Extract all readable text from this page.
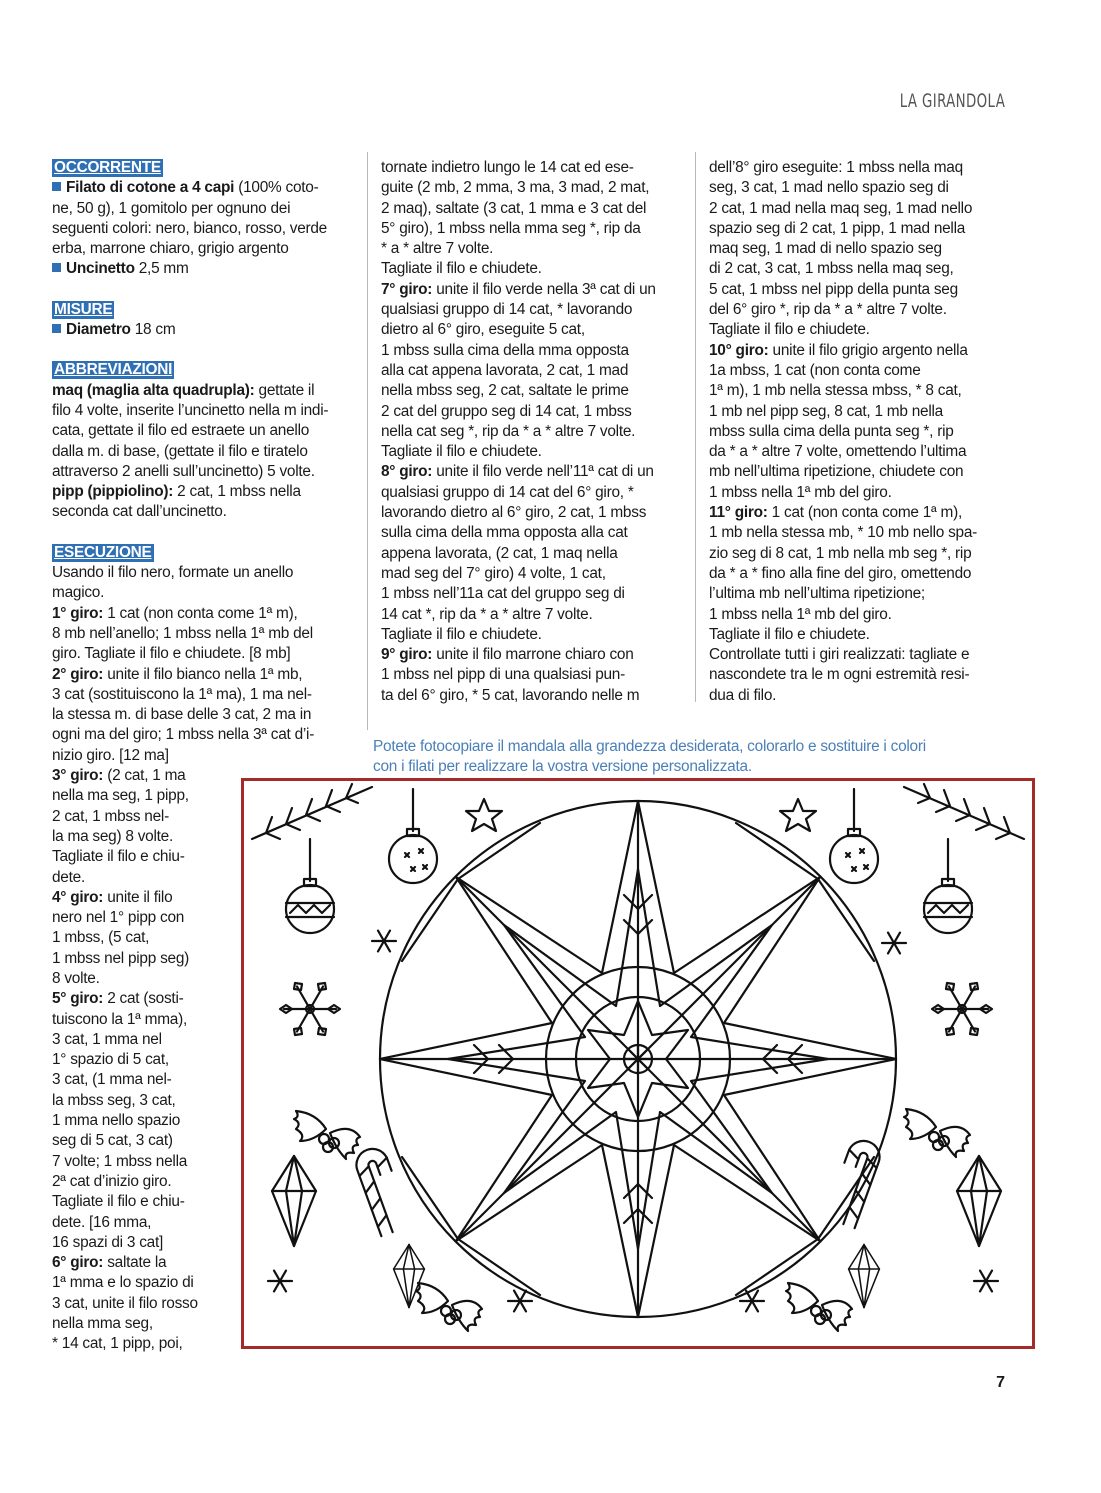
LA GIRANDOLA
OCCORRENTE

Filato di cotone a 4 capi (100% coto-
ne, 50 g), 1 gomitolo per ognuno dei
seguenti colori: nero, bianco, rosso, verde
erba, marrone chiaro, grigio argento

Uncinetto 2,5 mm

MISURE

Diametro 18 cm

ABBREVIAZIONI

maq (maglia alta quadrupla): gettate il
filo 4 volte, inserite l’uncinetto nella m indi-
cata, gettate il filo ed estraete un anello
dalla m. di base, (gettate il filo e tiratelo
attraverso 2 anelli sull’uncinetto) 5 volte.

pipp (pippiolino): 2 cat, 1 mbss nella
seconda cat dall’uncinetto.

ESECUZIONE

Usando il filo nero, formate un anello
magico.

1° giro: 1 cat (non conta come 1ª m),
8 mb nell’anello; 1 mbss nella 1ª mb del
giro. Tagliate il filo e chiudete. [8 mb]

2° giro: unite il filo bianco nella 1ª mb,
3 cat (sostituiscono la 1ª ma), 1 ma nel-
la stessa m. di base delle 3 cat, 2 ma in
ogni ma del giro; 1 mbss nella 3ª cat d’i-
nizio giro. [12 ma]

3° giro: (2 cat, 1 ma
nella ma seg, 1 pipp,
2 cat, 1 mbss nel-
la ma seg) 8 volte.
Tagliate il filo e chiu-
dete.

4° giro: unite il filo
nero nel 1° pipp con
1 mbss, (5 cat,
1 mbss nel pipp seg)
8 volte.

5° giro: 2 cat (sosti-
tuiscono la 1ª mma),
3 cat, 1 mma nel
1° spazio di 5 cat,
3 cat, (1 mma nel-
la mbss seg, 3 cat,
1 mma nello spazio
seg di 5 cat, 3 cat)
7 volte; 1 mbss nella
2ª cat d’inizio giro.
Tagliate il filo e chiu-
dete. [16 mma,
16 spazi di 3 cat]

6° giro: saltate la
1ª mma e lo spazio di
3 cat, unite il filo rosso
nella mma seg,
* 14 cat, 1 pipp, poi,

tornate indietro lungo le 14 cat ed ese-
guite (2 mb, 2 mma, 3 ma, 3 mad, 2 mat,
2 maq), saltate (3 cat, 1 mma e 3 cat del
5° giro), 1 mbss nella mma seg *, rip da
* a * altre 7 volte.
Tagliate il filo e chiudete.

7° giro: unite il filo verde nella 3ª cat di un
qualsiasi gruppo di 14 cat, * lavorando
dietro al 6° giro, eseguite 5 cat,
1 mbss sulla cima della mma opposta
alla cat appena lavorata, 2 cat, 1 mad
nella mbss seg, 2 cat, saltate le prime
2 cat del gruppo seg di 14 cat, 1 mbss
nella cat seg *, rip da * a * altre 7 volte.
Tagliate il filo e chiudete.

8° giro: unite il filo verde nell’11ª cat di un
qualsiasi gruppo di 14 cat del 6° giro, *
lavorando dietro al 6° giro, 2 cat, 1 mbss
sulla cima della mma opposta alla cat
appena lavorata, (2 cat, 1 maq nella
mad seg del 7° giro) 4 volte, 1 cat,
1 mbss nell’11a cat del gruppo seg di
14 cat *, rip da * a * altre 7 volte.
Tagliate il filo e chiudete.

9° giro: unite il filo marrone chiaro con
1 mbss nel pipp di una qualsiasi pun-
ta del 6° giro, * 5 cat, lavorando nelle m

dell’8° giro eseguite: 1 mbss nella maq
seg, 3 cat, 1 mad nello spazio seg di
2 cat, 1 mad nella maq seg, 1 mad nello
spazio seg di 2 cat, 1 pipp, 1 mad nella
maq seg, 1 mad di nello spazio seg
di 2 cat, 3 cat, 1 mbss nella maq seg,
5 cat, 1 mbss nel pipp della punta seg
del 6° giro *, rip da * a * altre 7 volte.
Tagliate il filo e chiudete.

10° giro: unite il filo grigio argento nella
1a mbss, 1 cat (non conta come
1ª m), 1 mb nella stessa mbss, * 8 cat,
1 mb nel pipp seg, 8 cat, 1 mb nella
mbss sulla cima della punta seg *, rip
da * a * altre 7 volte, omettendo l’ultima
mb nell’ultima ripetizione, chiudete con
1 mbss nella 1ª mb del giro.

11° giro: 1 cat (non conta come 1ª m),
1 mb nella stessa mb, * 10 mb nello spa-
zio seg di 8 cat, 1 mb nella mb seg *, rip
da * a * fino alla fine del giro, omettendo
l’ultima mb nell’ultima ripetizione;
1 mbss nella 1ª mb del giro.
Tagliate il filo e chiudete.
Controllate tutti i giri realizzati: tagliate e
nascondete tra le m ogni estremità resi-
dua di filo.

Potete fotocopiare il mandala alla grandezza desiderata, colorarlo e sostituire i colori
con i filati per realizzare la vostra versione personalizzata.
7
